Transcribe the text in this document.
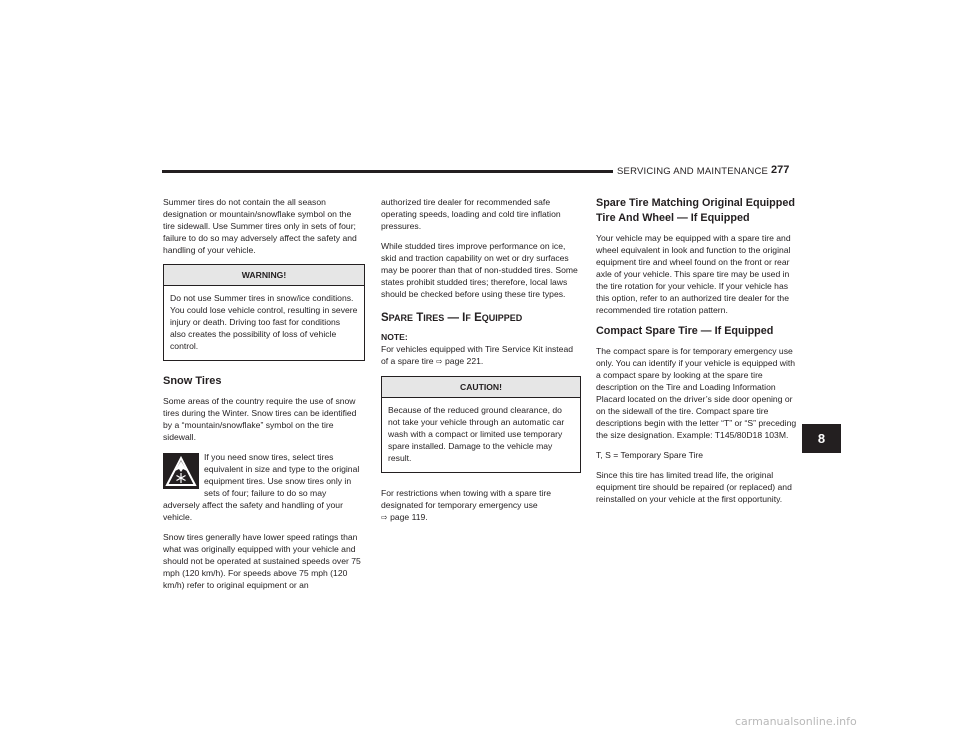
SERVICING AND MAINTENANCE 277

Summer tires do not contain the all season designation or mountain/snowflake symbol on the tire sidewall. Use Summer tires only in sets of four; failure to do so may adversely affect the safety and handling of your vehicle.

WARNING!

Do not use Summer tires in snow/ice conditions. You could lose vehicle control, resulting in severe injury or death. Driving too fast for conditions also creates the possibility of loss of vehicle control.

Snow Tires

Some areas of the country require the use of snow tires during the Winter. Snow tires can be identified by a “mountain/snowflake” symbol on the tire sidewall.

If you need snow tires, select tires equivalent in size and type to the original equipment tires. Use snow tires only in sets of four; failure to do so may adversely affect the safety and handling of your vehicle.

Snow tires generally have lower speed ratings than what was originally equipped with your vehicle and should not be operated at sustained speeds over 75 mph (120 km/h). For speeds above 75 mph (120 km/h) refer to original equipment or an

authorized tire dealer for recommended safe operating speeds, loading and cold tire inflation pressures.

While studded tires improve performance on ice, skid and traction capability on wet or dry surfaces may be poorer than that of non-studded tires. Some states prohibit studded tires; therefore, local laws should be checked before using these tire types.

SPARE TIRES — IF EQUIPPED

NOTE:

For vehicles equipped with Tire Service Kit instead of a spare tire ⇨ page 221.

CAUTION!

Because of the reduced ground clearance, do not take your vehicle through an automatic car wash with a compact or limited use temporary spare installed. Damage to the vehicle may result.

For restrictions when towing with a spare tire designated for temporary emergency use
⇨ page 119.

Spare Tire Matching Original Equipped Tire And Wheel — If Equipped

Your vehicle may be equipped with a spare tire and wheel equivalent in look and function to the original equipment tire and wheel found on the front or rear axle of your vehicle. This spare tire may be used in the tire rotation for your vehicle. If your vehicle has this option, refer to an authorized tire dealer for the recommended tire rotation pattern.

Compact Spare Tire — If Equipped

The compact spare is for temporary emergency use only. You can identify if your vehicle is equipped with a compact spare by looking at the spare tire description on the Tire and Loading Information Placard located on the driver’s side door opening or on the sidewall of the tire. Compact spare tire descriptions begin with the letter “T” or “S” preceding the size designation. Example: T145/80D18 103M.

T, S = Temporary Spare Tire

Since this tire has limited tread life, the original equipment tire should be repaired (or replaced) and reinstalled on your vehicle at the first opportunity.

8
carmanualsonline.info
